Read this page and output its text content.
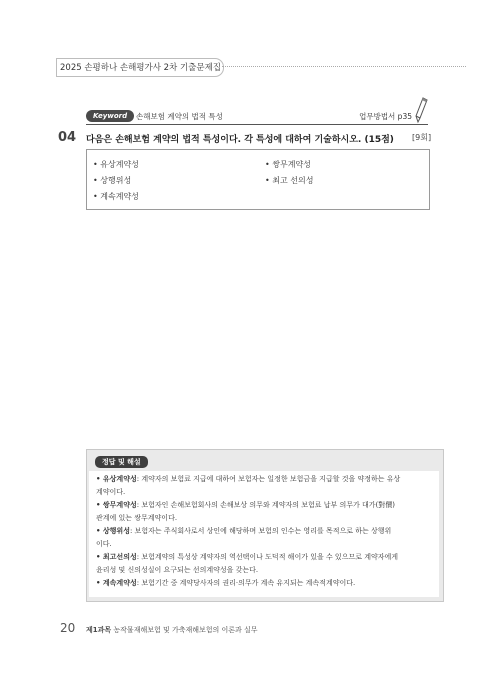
2025 손평하나 손해평가사 2차 기출문제집
Keyword	손해보험 계약의 법적 특성	업무방법서 p35
04 다음은 손해보험 계약의 법적 특성이다. 각 특성에 대하여 기술하시오. (15점) [9회]
• 유상계약성	• 쌍무계약성
• 상행위성	• 최고 선의성
• 계속계약성
정답 및 해설
• 유상계약성: 계약자의 보험료 지급에 대하여 보험자는 일정한 보험금을 지급할 것을 약정하는 유상
계약이다.
• 쌍무계약성: 보험자인 손해보험회사의 손해보상 의무와 계약자의 보험료 납부 의무가 대가(對價)
관계에 있는 쌍무계약이다.
• 상행위성: 보험자는 주식회사로서 상인에 해당하며 보험의 인수는 영리를 목적으로 하는 상행위
이다.
• 최고선의성: 보험계약의 특성상 계약자의 역선택이나 도덕적 해이가 있을 수 있으므로 계약자에게
윤리성 및 신의성실이 요구되는 선의계약성을 갖는다.
• 계속계약성: 보험기간 중 계약당사자의 권리·의무가 계속 유지되는 계속적계약이다.
20 제1과목 농작물재해보험 및 가축재해보험의 이론과 실무
